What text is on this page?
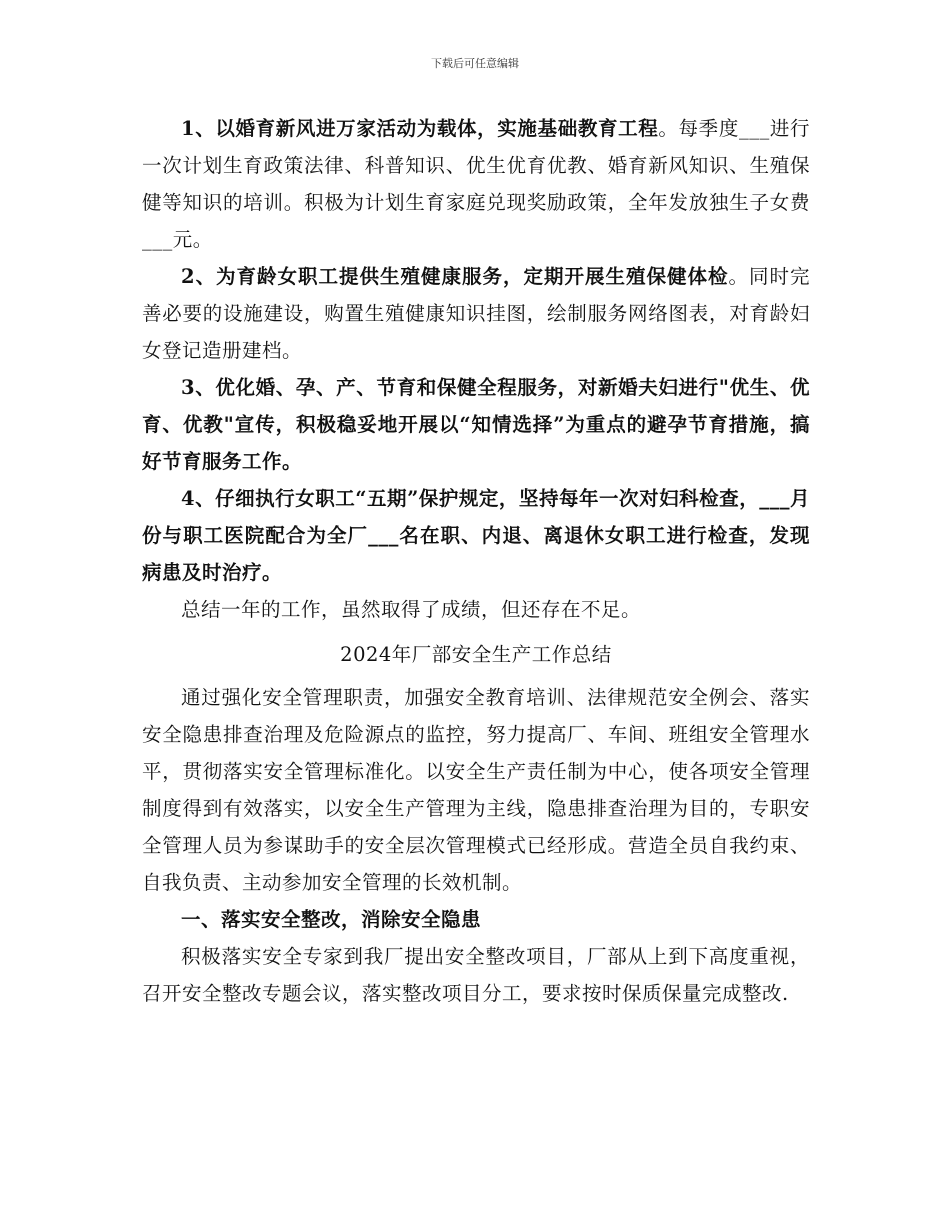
下载后可任意编辑

1、以婚育新风进万家活动为载体，实施基础教育工程。每季度___进行一次计划生育政策法律、科普知识、优生优育优教、婚育新风知识、生殖保健等知识的培训。积极为计划生育家庭兑现奖励政策，全年发放独生子女费___元。

2、为育龄女职工提供生殖健康服务，定期开展生殖保健体检。同时完善必要的设施建设，购置生殖健康知识挂图，绘制服务网络图表，对育龄妇女登记造册建档。

3、优化婚、孕、产、节育和保健全程服务，对新婚夫妇进行"优生、优育、优教"宣传，积极稳妥地开展以“知情选择”为重点的避孕节育措施，搞好节育服务工作。

4、仔细执行女职工“五期”保护规定，坚持每年一次对妇科检查，___月份与职工医院配合为全厂___名在职、内退、离退休女职工进行检查，发现病患及时治疗。

总结一年的工作，虽然取得了成绩，但还存在不足。

2024年厂部安全生产工作总结

通过强化安全管理职责，加强安全教育培训、法律规范安全例会、落实安全隐患排查治理及危险源点的监控，努力提高厂、车间、班组安全管理水平，贯彻落实安全管理标准化。以安全生产责任制为中心，使各项安全管理制度得到有效落实，以安全生产管理为主线，隐患排查治理为目的，专职安全管理人员为参谋助手的安全层次管理模式已经形成。营造全员自我约束、自我负责、主动参加安全管理的长效机制。

一、落实安全整改，消除安全隐患

积极落实安全专家到我厂提出安全整改项目，厂部从上到下高度重视，召开安全整改专题会议，落实整改项目分工，要求按时保质保量完成整改.
